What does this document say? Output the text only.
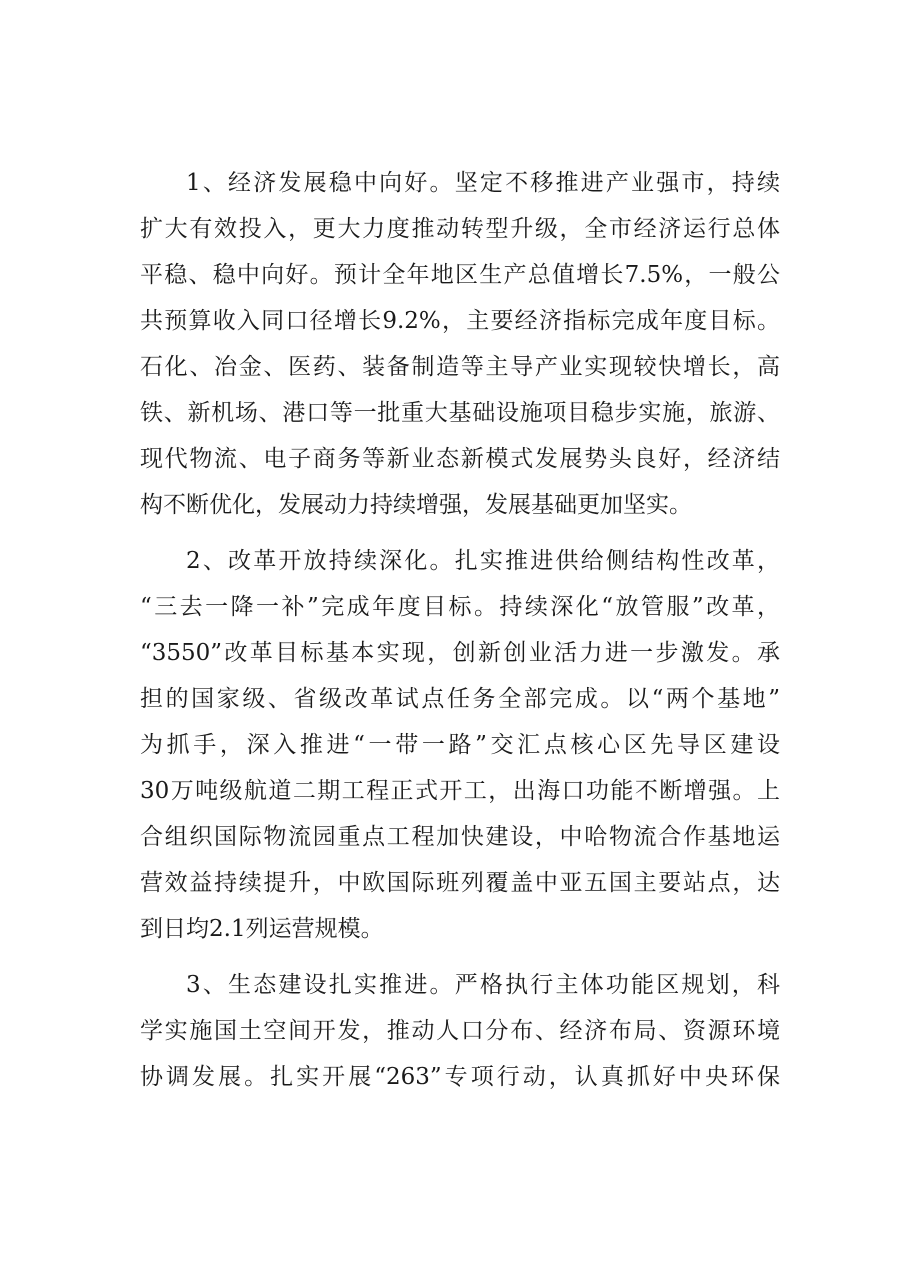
1、经济发展稳中向好。坚定不移推进产业强市，持续
扩大有效投入，更大力度推动转型升级，全市经济运行总体
平稳、稳中向好。预计全年地区生产总值增长7.5%，一般公
共预算收入同口径增长9.2%，主要经济指标完成年度目标。
石化、冶金、医药、装备制造等主导产业实现较快增长，高
铁、新机场、港口等一批重大基础设施项目稳步实施，旅游、
现代物流、电子商务等新业态新模式发展势头良好，经济结
构不断优化，发展动力持续增强，发展基础更加坚实。
2、改革开放持续深化。扎实推进供给侧结构性改革，
“三去一降一补”完成年度目标。持续深化“放管服”改革，
“3550”改革目标基本实现，创新创业活力进一步激发。承
担的国家级、省级改革试点任务全部完成。以“两个基地”
为抓手，深入推进“一带一路”交汇点核心区先导区建设
30万吨级航道二期工程正式开工，出海口功能不断增强。上
合组织国际物流园重点工程加快建设，中哈物流合作基地运
营效益持续提升，中欧国际班列覆盖中亚五国主要站点，达
到日均2.1列运营规模。
3、生态建设扎实推进。严格执行主体功能区规划，科
学实施国土空间开发，推动人口分布、经济布局、资源环境
协调发展。扎实开展“263”专项行动，认真抓好中央环保
